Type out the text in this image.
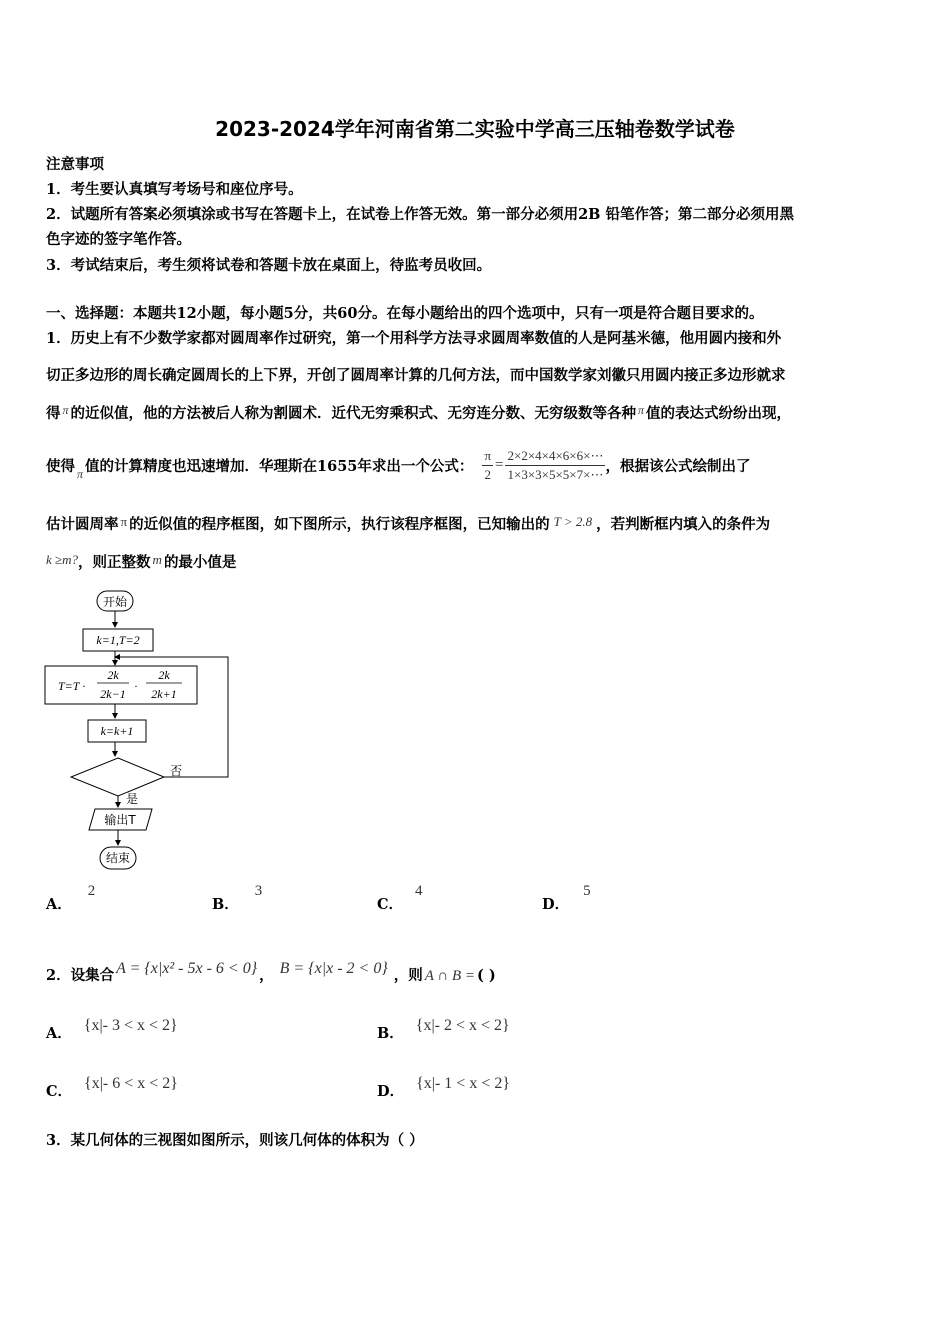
2023-2024学年河南省第二实验中学高三压轴卷数学试卷
注意事项
1．考生要认真填写考场号和座位序号。
2．试题所有答案必须填涂或书写在答题卡上，在试卷上作答无效。第一部分必须用2B 铅笔作答；第二部分必须用黑
色字迹的签字笔作答。
3．考试结束后，考生须将试卷和答题卡放在桌面上，待监考员收回。
一、选择题：本题共12小题，每小题5分，共60分。在每小题给出的四个选项中，只有一项是符合题目要求的。
1．历史上有不少数学家都对圆周率作过研究，第一个用科学方法寻求圆周率数值的人是阿基米德，他用圆内接和外
切正多边形的周长确定圆周长的上下界，开创了圆周率计算的几何方法，而中国数学家刘徽只用圆内接正多边形就求
得 $^\pi$ 的近似值，他的方法被后人称为割圆术．近代无穷乘积式、无穷连分数、无穷级数等各种 $^\pi$ 值的表达式纷纷出现，
使得 $_\pi$ 值的计算精度也迅速增加．华理斯在1655年求出一个公式： $\frac{\pi}{2} = \frac{2\times 2\times 4\times 4\times 6\times 6\times\cdots}{1\times 3\times 3\times 5\times 5\times 7\times\cdots}$ ，根据该公式绘制出了
估计圆周率 π 的近似值的程序框图，如下图所示，执行该程序框图，已知输出的 T > 2.8 ，若判断框内填入的条件为
k ≥m?，则正整数 m 的最小值是
开始
k=1,T=2
T=T ·
2k
2k−1
·
2k
2k+1
k=k+1
否
是
输出T
结束
A．2
B．3
C．4
D．5
2．设集合 A = {x|x² - 5x - 6 < 0} ， B = {x|x - 2 < 0} ，则 A ∩ B = ( )
A． {x|- 3 < x < 2}	B． {x|- 2 < x < 2}
C． {x|- 6 < x < 2}	D． {x|- 1 < x < 2}
3．某几何体的三视图如图所示，则该几何体的体积为（ ）
